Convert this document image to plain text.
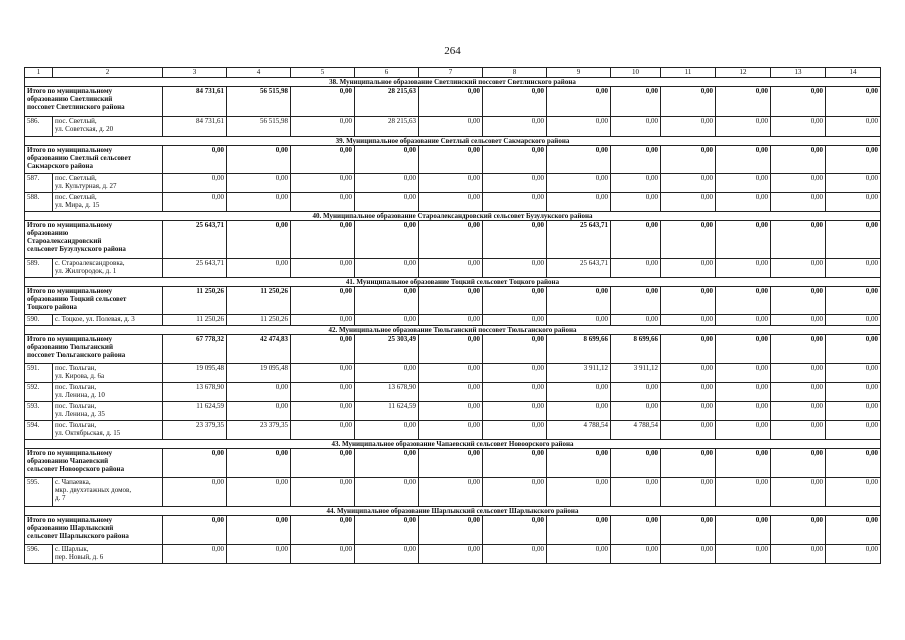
264
1	2	3	4	5	6	7	8	9	10	11	12	13	14
38. Муниципальное образование Светлинский поссовет Светлинского района													

Итого по муниципальному
образованию Светлинский
поссовет Светлинского района		84 731,61	56 515,98	0,00	28 215,63	0,00	0,00	0,00	0,00	0,00	0,00	0,00	0,00
586.	пос. Светлый,
ул. Советская, д. 20	84 731,61	56 515,98	0,00	28 215,63	0,00	0,00	0,00	0,00	0,00	0,00	0,00	0,00
39. Муниципальное образование Светлый сельсовет Сакмарского района													

Итого по муниципальному
образованию Светлый сельсовет
Сакмарского района		0,00	0,00	0,00	0,00	0,00	0,00	0,00	0,00	0,00	0,00	0,00	0,00
587.	пос. Светлый,
ул. Культурная, д. 27	0,00	0,00	0,00	0,00	0,00	0,00	0,00	0,00	0,00	0,00	0,00	0,00
588.	пос. Светлый,
ул. Мира, д. 15	0,00	0,00	0,00	0,00	0,00	0,00	0,00	0,00	0,00	0,00	0,00	0,00
40. Муниципальное образование Староалександровский сельсовет Бузулукского района													

Итого по муниципальному
образованию
Староалександровский
сельсовет Бузулукского района		25 643,71	0,00	0,00	0,00	0,00	0,00	25 643,71	0,00	0,00	0,00	0,00	0,00
589.	с. Староалександровка,
ул. Жилгородок, д. 1	25 643,71	0,00	0,00	0,00	0,00	0,00	25 643,71	0,00	0,00	0,00	0,00	0,00
41. Муниципальное образование Тоцкий сельсовет Тоцкого района													

Итого по муниципальному
образованию Тоцкий сельсовет
Тоцкого района		11 250,26	11 250,26	0,00	0,00	0,00	0,00	0,00	0,00	0,00	0,00	0,00	0,00
590.	с. Тоцкое, ул. Полевая, д. 3	11 250,26	11 250,26	0,00	0,00	0,00	0,00	0,00	0,00	0,00	0,00	0,00	0,00
42. Муниципальное образование Тюльганский поссовет Тюльганского района													

Итого по муниципальному
образованию Тюльганский
поссовет Тюльганского района		67 778,32	42 474,83	0,00	25 303,49	0,00	0,00	8 699,66	8 699,66	0,00	0,00	0,00	0,00
591.	пос. Тюльган,
ул. Кирова, д. 6а	19 095,48	19 095,48	0,00	0,00	0,00	0,00	3 911,12	3 911,12	0,00	0,00	0,00	0,00
592.	пос. Тюльган,
ул. Ленина, д. 10	13 678,90	0,00	0,00	13 678,90	0,00	0,00	0,00	0,00	0,00	0,00	0,00	0,00
593.	пос. Тюльган,
ул. Ленина, д. 35	11 624,59	0,00	0,00	11 624,59	0,00	0,00	0,00	0,00	0,00	0,00	0,00	0,00
594.	пос. Тюльган,
ул. Октябрьская, д. 15	23 379,35	23 379,35	0,00	0,00	0,00	0,00	4 788,54	4 788,54	0,00	0,00	0,00	0,00
43. Муниципальное образование Чапаевский сельсовет Новоорского района													

Итого по муниципальному
образованию Чапаевский
сельсовет Новоорского района		0,00	0,00	0,00	0,00	0,00	0,00	0,00	0,00	0,00	0,00	0,00	0,00
595.	с. Чапаевка,
мкр. двухэтажных домов,
д. 7	0,00	0,00	0,00	0,00	0,00	0,00	0,00	0,00	0,00	0,00	0,00	0,00
44. Муниципальное образование Шарлыкский сельсовет Шарлыкского района													

Итого по муниципальному
образованию Шарлыкский
сельсовет Шарлыкского района		0,00	0,00	0,00	0,00	0,00	0,00	0,00	0,00	0,00	0,00	0,00	0,00
596.	с. Шарлык,
пер. Новый, д. 6	0,00	0,00	0,00	0,00	0,00	0,00	0,00	0,00	0,00	0,00	0,00	0,00
